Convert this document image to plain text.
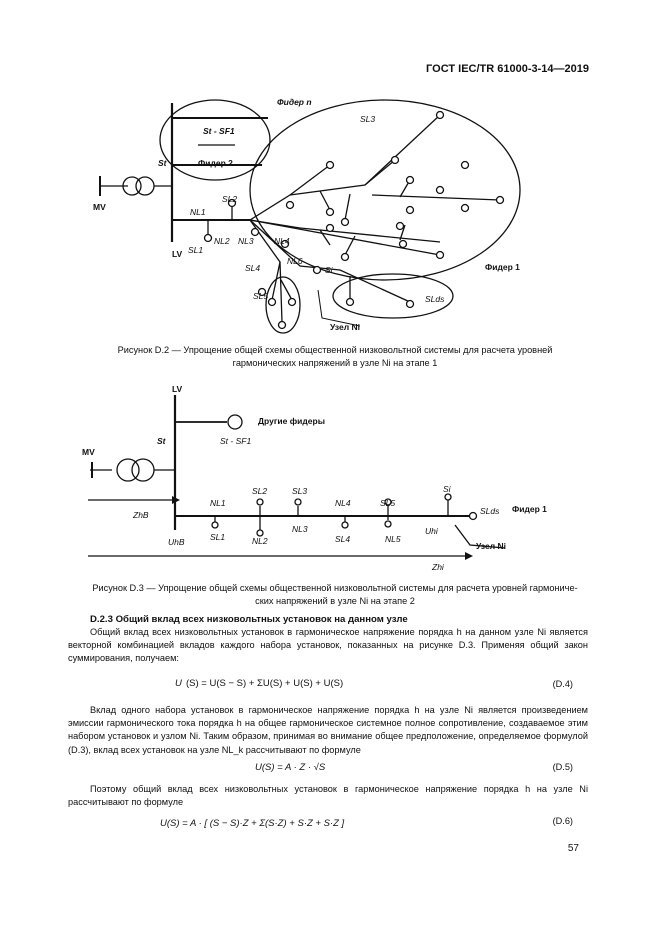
ГОСТ IEC/TR 61000-3-14—2019
Фидер n
Фидер 2
Фидер 1
St - SF1
St
MV
LV
SL3
SL2
NL1
NL2 NL3 NL4
SL1
SL4
NL6
Si
SL5	SLds
Узел Ni
Рисунок D.2 — Упрощение общей схемы общественной низковольтной системы для расчета уровней
гармонических напряжений в узле Ni на этапе 1
LV
Другие фидеры
St	St - SF1
MV
ZhB
UhB
NL1
SL1
SL2
NL2
SL3
NL3
NL4
SL4
SL5
NL5
Si
SLds Фидер 1
Uhi
Узел Ni
Zhi
Рисунок D.3 — Упрощение общей схемы общественной низковольтной системы для расчета уровней гармониче-
ских напряжений в узле Ni на этапе 2
D.2.3 Общий вклад всех низковольтных установок на данном узле
Общий вклад всех низковольтных установок в гармоническое напряжение порядка h на данном узле Ni является векторной комбинацией вкладов каждого набора установок, показанных на рисунке D.3. Применяя общий закон суммирования, получаем:
U (S) = U(S − S) + ΣU(S) + U(S) + U(S)	(D.4)
Вклад одного набора установок в гармоническое напряжение порядка h на узле Ni является произведением эмиссии гармонического тока порядка h на общее гармоническое системное полное сопротивление, создаваемое этим набором установок и узлом Ni. Таким образом, принимая во внимание общее предположение, определяемое формулой (D.3), вклад всех установок на узле NL_k рассчитывают по формуле
U(S) = A · Z · √S	(D.5)
Поэтому общий вклад всех низковольтных установок в гармоническое напряжение порядка h на узле Ni рассчитывают по формуле
U(S) = A · [ (S − S)·Z + Σ(S·Z) + S·Z + S·Z ]	(D.6)
57
